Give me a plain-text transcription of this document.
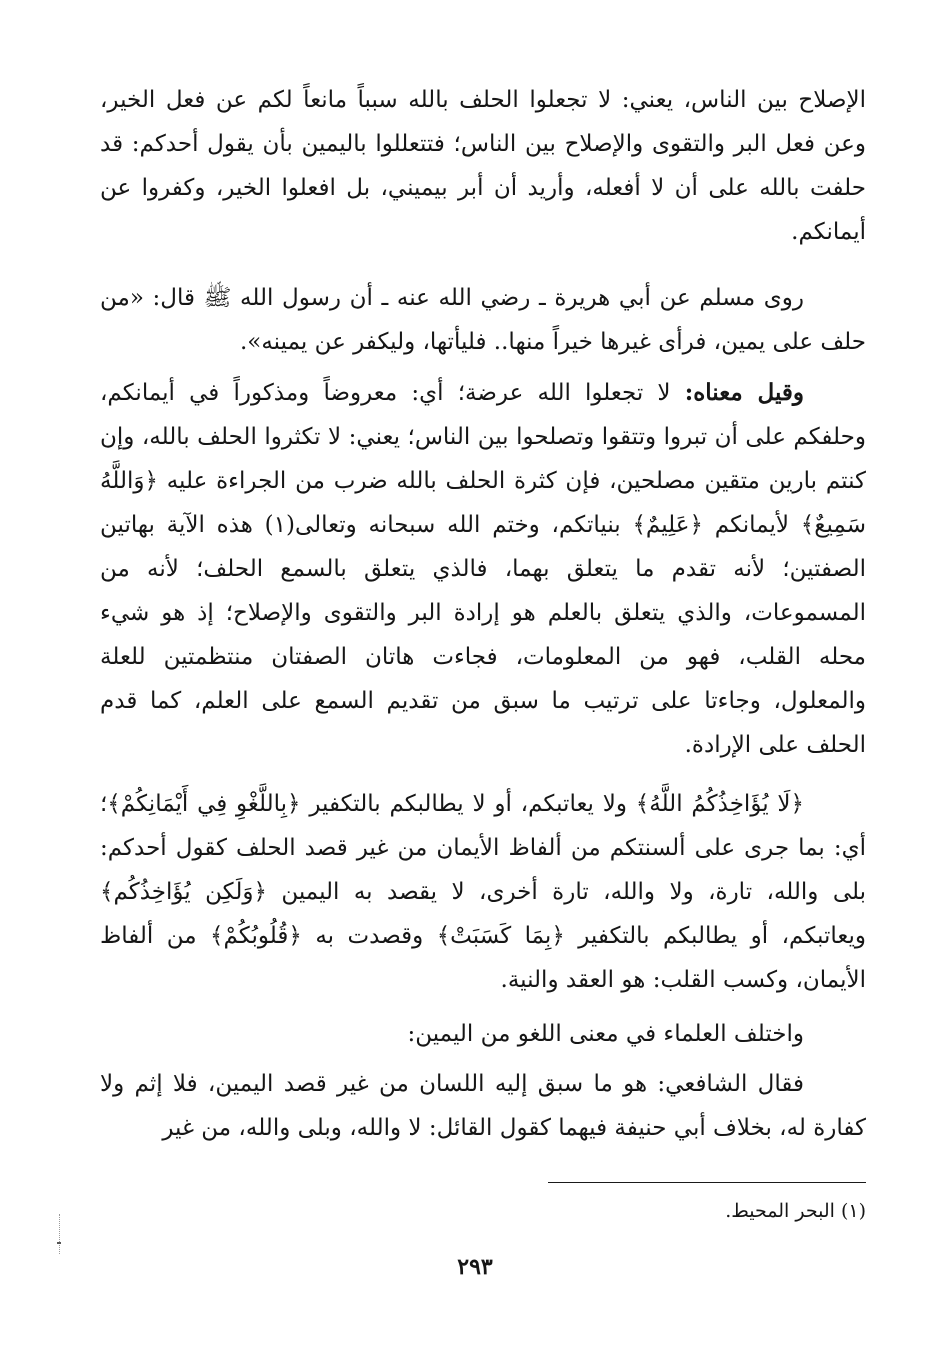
الإصلاح بين الناس، يعني: لا تجعلوا الحلف بالله سبباً مانعاً لكم عن فعل الخير، وعن فعل البر والتقوى والإصلاح بين الناس؛ فتتعللوا باليمين بأن يقول أحدكم: قد حلفت بالله على أن لا أفعله، وأريد أن أبر بيميني، بل افعلوا الخير، وكفروا عن أيمانكم.

روى مسلم عن أبي هريرة ـ رضي الله عنه ـ أن رسول الله ﷺ قال: «من حلف على يمين، فرأى غيرها خيراً منها.. فليأتها، وليكفر عن يمينه».

وقيل معناه: لا تجعلوا الله عرضة؛ أي: معروضاً ومذكوراً في أيمانكم، وحلفكم على أن تبروا وتتقوا وتصلحوا بين الناس؛ يعني: لا تكثروا الحلف بالله، وإن كنتم بارين متقين مصلحين، فإن كثرة الحلف بالله ضرب من الجراءة عليه ﴿وَاللَّهُ سَمِيعٌ﴾ لأيمانكم ﴿عَلِيمٌ﴾ بنياتكم، وختم الله سبحانه وتعالى(١) هذه الآية بهاتين الصفتين؛ لأنه تقدم ما يتعلق بهما، فالذي يتعلق بالسمع الحلف؛ لأنه من المسموعات، والذي يتعلق بالعلم هو إرادة البر والتقوى والإصلاح؛ إذ هو شيء محله القلب، فهو من المعلومات، فجاءت هاتان الصفتان منتظمتين للعلة والمعلول، وجاءتا على ترتيب ما سبق من تقديم السمع على العلم، كما قدم الحلف على الإرادة.

﴿لَا يُؤَاخِذُكُمُ اللَّهُ﴾ ولا يعاتبكم، أو لا يطالبكم بالتكفير ﴿بِاللَّغْوِ فِي أَيْمَانِكُمْ﴾؛ أي: بما جرى على ألسنتكم من ألفاظ الأيمان من غير قصد الحلف كقول أحدكم: بلى والله، تارة، ولا والله، تارة أخرى، لا يقصد به اليمين ﴿وَلَكِن يُؤَاخِذُكُم﴾ ويعاتبكم، أو يطالبكم بالتكفير ﴿بِمَا كَسَبَتْ﴾ وقصدت به ﴿قُلُوبُكُمْ﴾ من ألفاظ الأيمان، وكسب القلب: هو العقد والنية.

واختلف العلماء في معنى اللغو من اليمين:

فقال الشافعي: هو ما سبق إليه اللسان من غير قصد اليمين، فلا إثم ولا كفارة له، بخلاف أبي حنيفة فيهما كقول القائل: لا والله، وبلى والله، من غير

(١) البحر المحيط.
٢٩٣
